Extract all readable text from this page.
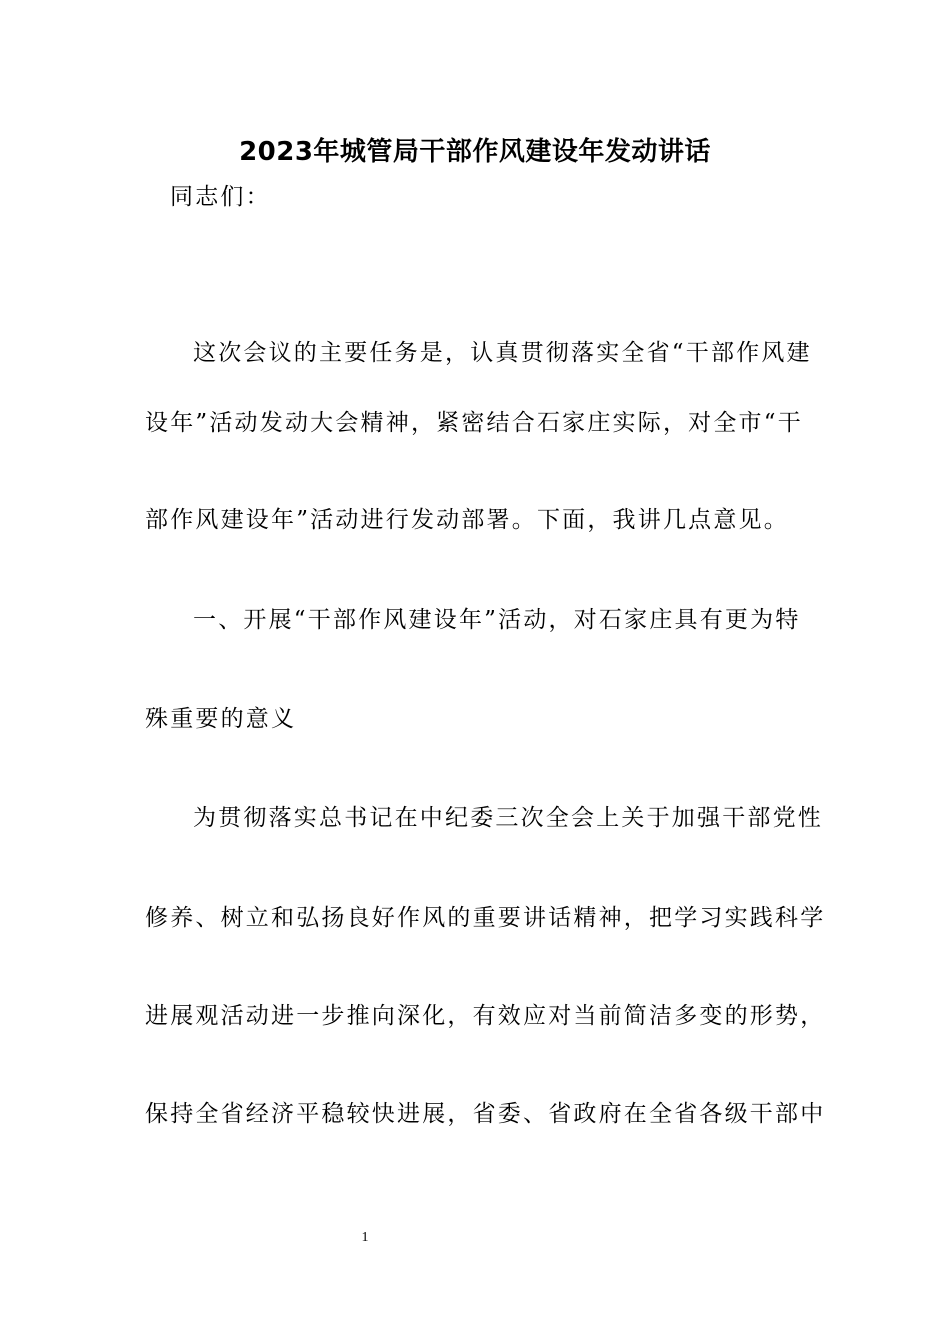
2023年城管局干部作风建设年发动讲话
同志们：
这次会议的主要任务是，认真贯彻落实全省“干部作风建
设年”活动发动大会精神，紧密结合石家庄实际，对全市“干
部作风建设年”活动进行发动部署。下面，我讲几点意见。
一、开展“干部作风建设年”活动，对石家庄具有更为特
殊重要的意义
为贯彻落实总书记在中纪委三次全会上关于加强干部党性
修养、树立和弘扬良好作风的重要讲话精神，把学习实践科学
进展观活动进一步推向深化，有效应对当前简洁多变的形势，
保持全省经济平稳较快进展，省委、省政府在全省各级干部中
1
